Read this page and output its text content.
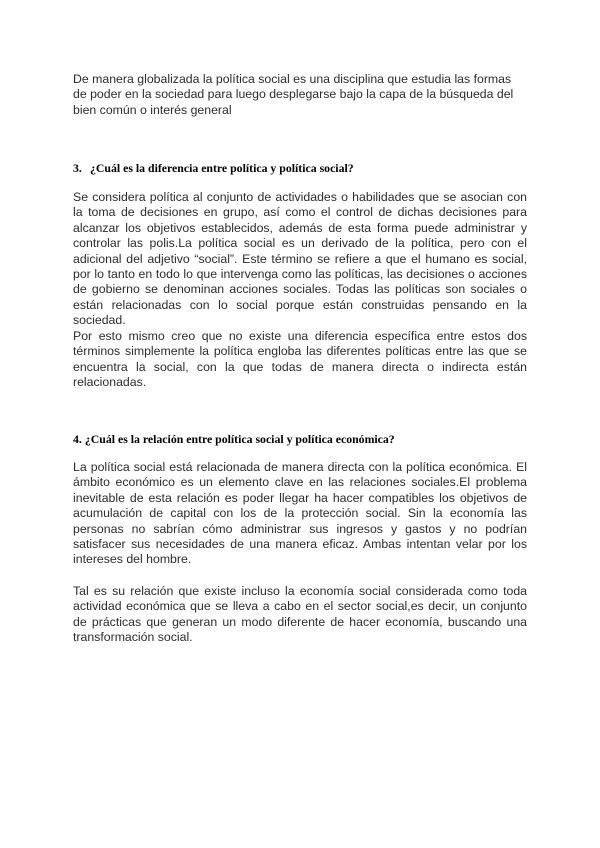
De manera globalizada la política social es una disciplina que estudia las formas de poder en la sociedad para luego desplegarse bajo la capa de la búsqueda del bien común o interés general

3. ¿Cuál es la diferencia entre política y política social?

Se considera política al conjunto de actividades o habilidades que se asocian con la toma de decisiones en grupo, así como el control de dichas decisiones para alcanzar los objetivos establecidos, además de esta forma puede administrar y controlar las polis.La política social es un derivado de la política, pero con el adicional del adjetivo “social”. Este término se refiere a que el humano es social, por lo tanto en todo lo que intervenga como las políticas, las decisiones o acciones de gobierno se denominan acciones sociales. Todas las políticas son sociales o están relacionadas con lo social porque están construidas pensando en la sociedad.

Por esto mismo creo que no existe una diferencia específica entre estos dos términos simplemente la política engloba las diferentes políticas entre las que se encuentra la social, con la que todas de manera directa o indirecta están relacionadas.

4. ¿Cuál es la relación entre política social y política económica?

La política social está relacionada de manera directa con la política económica. El ámbito económico es un elemento clave en las relaciones sociales.El problema inevitable de esta relación es poder llegar ha hacer compatibles los objetivos de acumulación de capital con los de la protección social. Sin la economía las personas no sabrían cómo administrar sus ingresos y gastos y no podrían satisfacer sus necesidades de una manera eficaz. Ambas intentan velar por los intereses del hombre.

Tal es su relación que existe incluso la economía social considerada como toda actividad económica que se lleva a cabo en el sector social,es decir, un conjunto de prácticas que generan un modo diferente de hacer economía, buscando una transformación social.
